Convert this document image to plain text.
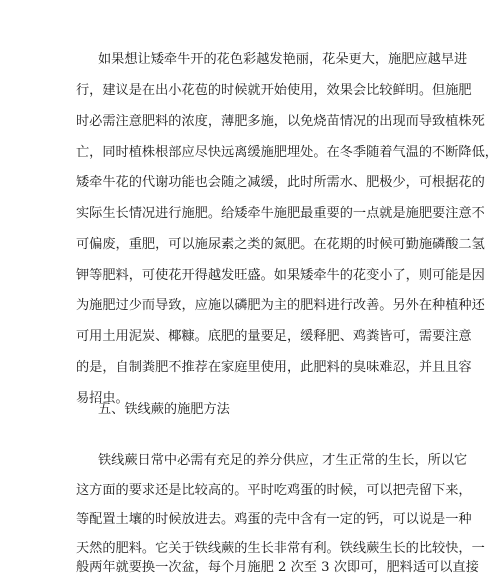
如果想让矮牵牛开的花色彩越发艳丽，花朵更大，施肥应越早进
行，建议是在出小花苞的时候就开始使用，效果会比较鲜明。但施肥
时必需注意肥料的浓度，薄肥多施，以免烧苗情况的出现而导致植株死
亡，同时植株根部应尽快远离缓施肥埋处。在冬季随着气温的不断降低，
矮牵牛花的代谢功能也会随之减缓，此时所需水、肥极少，可根据花的
实际生长情况进行施肥。给矮牵牛施肥最重要的一点就是施肥要注意不
可偏废，重肥，可以施尿素之类的氮肥。在花期的时候可勤施磷酸二氢
钾等肥料，可使花开得越发旺盛。如果矮牵牛的花变小了，则可能是因
为施肥过少而导致，应施以磷肥为主的肥料进行改善。另外在种植种还
可用土用泥炭、椰糠。底肥的量要足，缓释肥、鸡粪皆可，需要注意
的是，自制粪肥不推荐在家庭里使用，此肥料的臭味难忍，并且且容
易招虫。
五、铁线蕨的施肥方法
铁线蕨日常中必需有充足的养分供应，才生正常的生长，所以它
这方面的要求还是比较高的。平时吃鸡蛋的时候，可以把壳留下来，
等配置土壤的时候放进去。鸡蛋的壳中含有一定的钙，可以说是一种
天然的肥料。它关于铁线蕨的生长非常有利。铁线蕨生长的比较快，一
般两年就要换一次盆，每个月施肥 2 次至 3 次即可，肥料适可以直接
